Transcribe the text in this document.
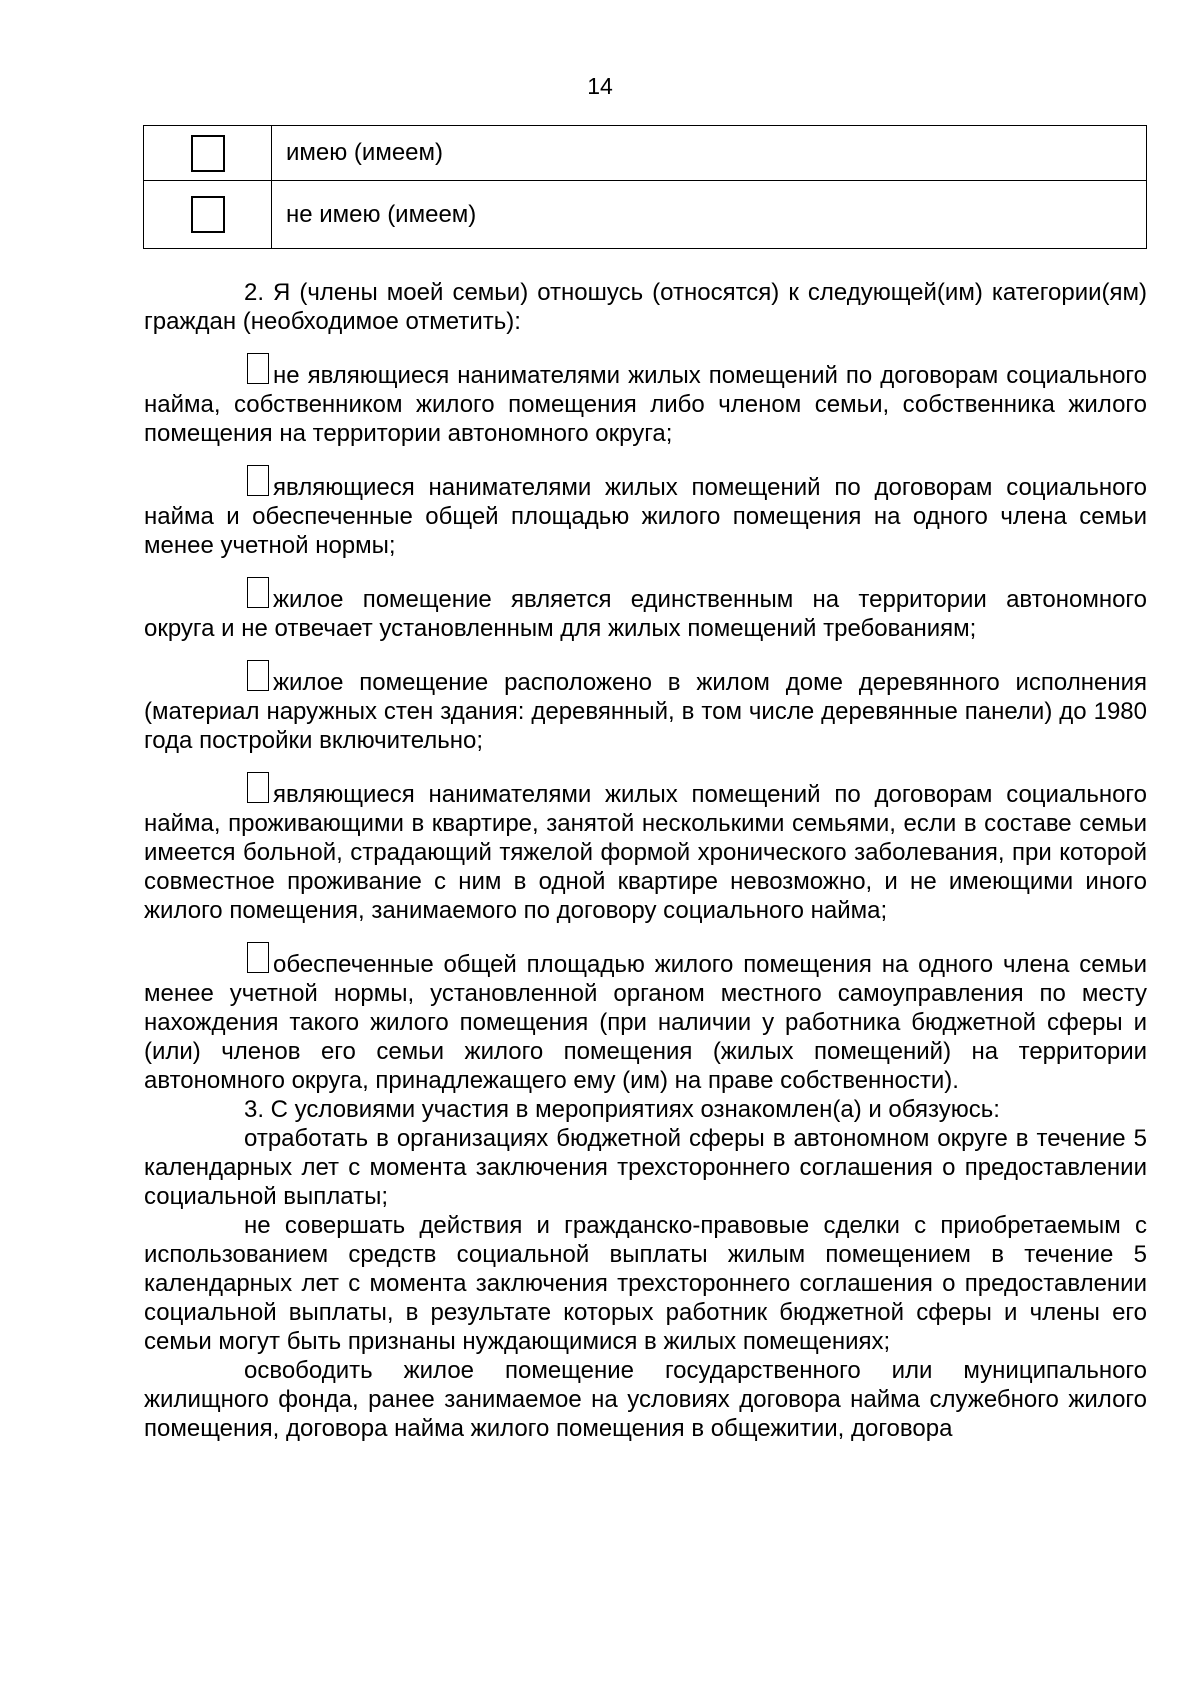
14
	имею (имеем)
	не имею (имеем)

2. Я (члены моей семьи) отношусь (относятся) к следующей(им) категории(ям) граждан (необходимое отметить):

не являющиеся нанимателями жилых помещений по договорам социального найма, собственником жилого помещения либо членом семьи, собственника жилого помещения на территории автономного округа;

являющиеся нанимателями жилых помещений по договорам социального найма и обеспеченные общей площадью жилого помещения на одного члена семьи менее учетной нормы;

жилое помещение является единственным на территории автономного округа и не отвечает установленным для жилых помещений требованиям;

жилое помещение расположено в жилом доме деревянного исполнения (материал наружных стен здания: деревянный, в том числе деревянные панели) до 1980 года постройки включительно;

являющиеся нанимателями жилых помещений по договорам социального найма, проживающими в квартире, занятой несколькими семьями, если в составе семьи имеется больной, страдающий тяжелой формой хронического заболевания, при которой совместное проживание с ним в одной квартире невозможно, и не имеющими иного жилого помещения, занимаемого по договору социального найма;

обеспеченные общей площадью жилого помещения на одного члена семьи менее учетной нормы, установленной органом местного самоуправления по месту нахождения такого жилого помещения (при наличии у работника бюджетной сферы и (или) членов его семьи жилого помещения (жилых помещений) на территории автономного округа, принадлежащего ему (им) на праве собственности).

3. С условиями участия в мероприятиях ознакомлен(а) и обязуюсь:

отработать в организациях бюджетной сферы в автономном округе в течение 5 календарных лет с момента заключения трехстороннего соглашения о предоставлении социальной выплаты;

не совершать действия и гражданско-правовые сделки с приобретаемым с использованием средств социальной выплаты жилым помещением в течение 5 календарных лет с момента заключения трехстороннего соглашения о предоставлении социальной выплаты, в результате которых работник бюджетной сферы и члены его семьи могут быть признаны нуждающимися в жилых помещениях;

освободить жилое помещение государственного или муниципального жилищного фонда, ранее занимаемое на условиях договора найма служебного жилого помещения, договора найма жилого помещения в общежитии, договора
